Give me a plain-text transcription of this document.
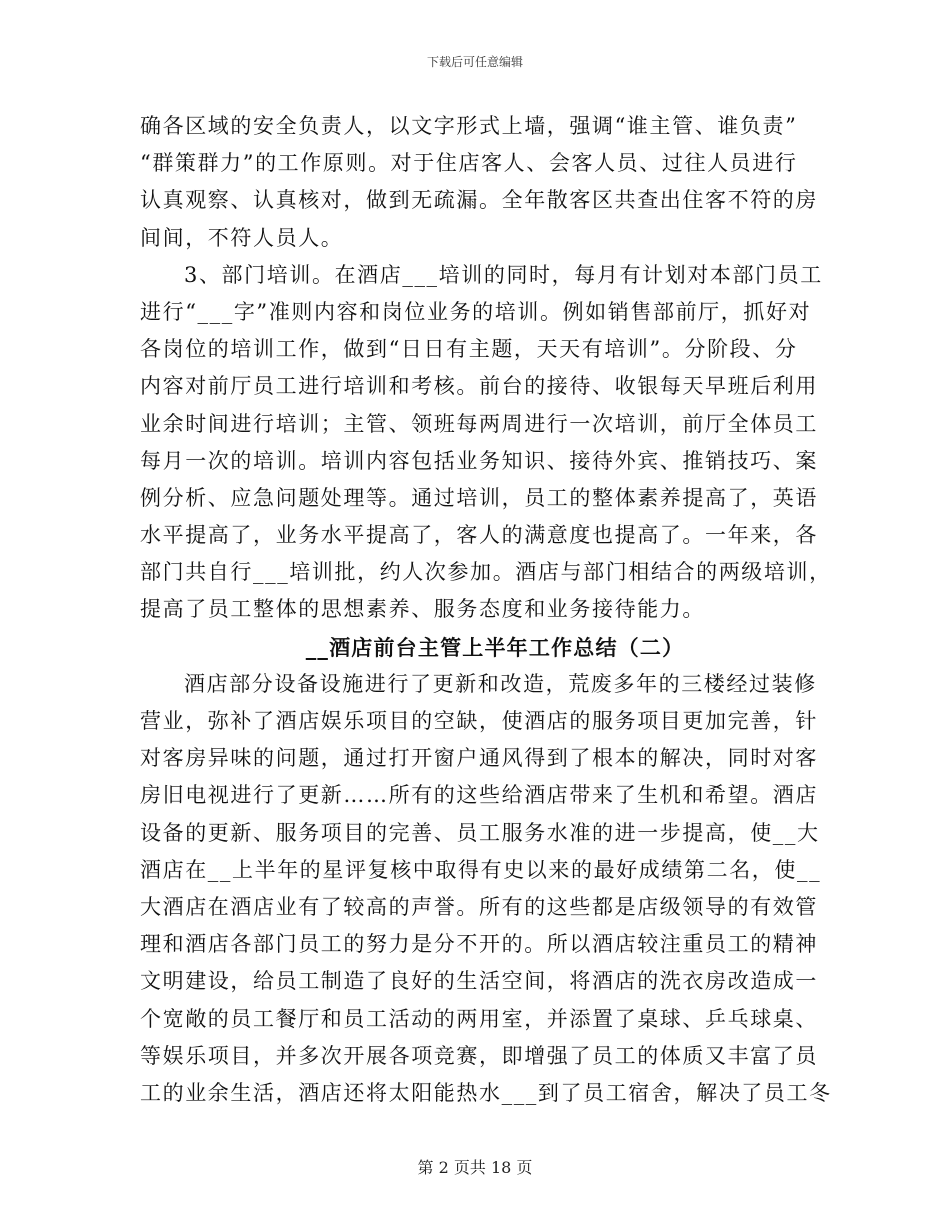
下载后可任意编辑
确各区域的安全负责人，以文字形式上墙，强调“谁主管、谁负责”
“群策群力”的工作原则。对于住店客人、会客人员、过往人员进行
认真观察、认真核对，做到无疏漏。全年散客区共查出住客不符的房
间间，不符人员人。
3、部门培训。在酒店___培训的同时，每月有计划对本部门员工
进行“___字”准则内容和岗位业务的培训。例如销售部前厅，抓好对
各岗位的培训工作，做到“日日有主题，天天有培训”。分阶段、分
内容对前厅员工进行培训和考核。前台的接待、收银每天早班后利用
业余时间进行培训；主管、领班每两周进行一次培训，前厅全体员工
每月一次的培训。培训内容包括业务知识、接待外宾、推销技巧、案
例分析、应急问题处理等。通过培训，员工的整体素养提高了，英语
水平提高了，业务水平提高了，客人的满意度也提高了。一年来，各
部门共自行___培训批，约人次参加。酒店与部门相结合的两级培训，
提高了员工整体的思想素养、服务态度和业务接待能力。
__酒店前台主管上半年工作总结（二）
酒店部分设备设施进行了更新和改造，荒废多年的三楼经过装修
营业，弥补了酒店娱乐项目的空缺，使酒店的服务项目更加完善，针
对客房异味的问题，通过打开窗户通风得到了根本的解决，同时对客
房旧电视进行了更新……所有的这些给酒店带来了生机和希望。酒店
设备的更新、服务项目的完善、员工服务水准的进一步提高，使__大
酒店在__上半年的星评复核中取得有史以来的最好成绩第二名，使__
大酒店在酒店业有了较高的声誉。所有的这些都是店级领导的有效管
理和酒店各部门员工的努力是分不开的。所以酒店较注重员工的精神
文明建设，给员工制造了良好的生活空间，将酒店的洗衣房改造成一
个宽敞的员工餐厅和员工活动的两用室，并添置了桌球、乒乓球桌、
等娱乐项目，并多次开展各项竞赛，即增强了员工的体质又丰富了员
工的业余生活，酒店还将太阳能热水___到了员工宿舍，解决了员工冬
第 2 页共 18 页
